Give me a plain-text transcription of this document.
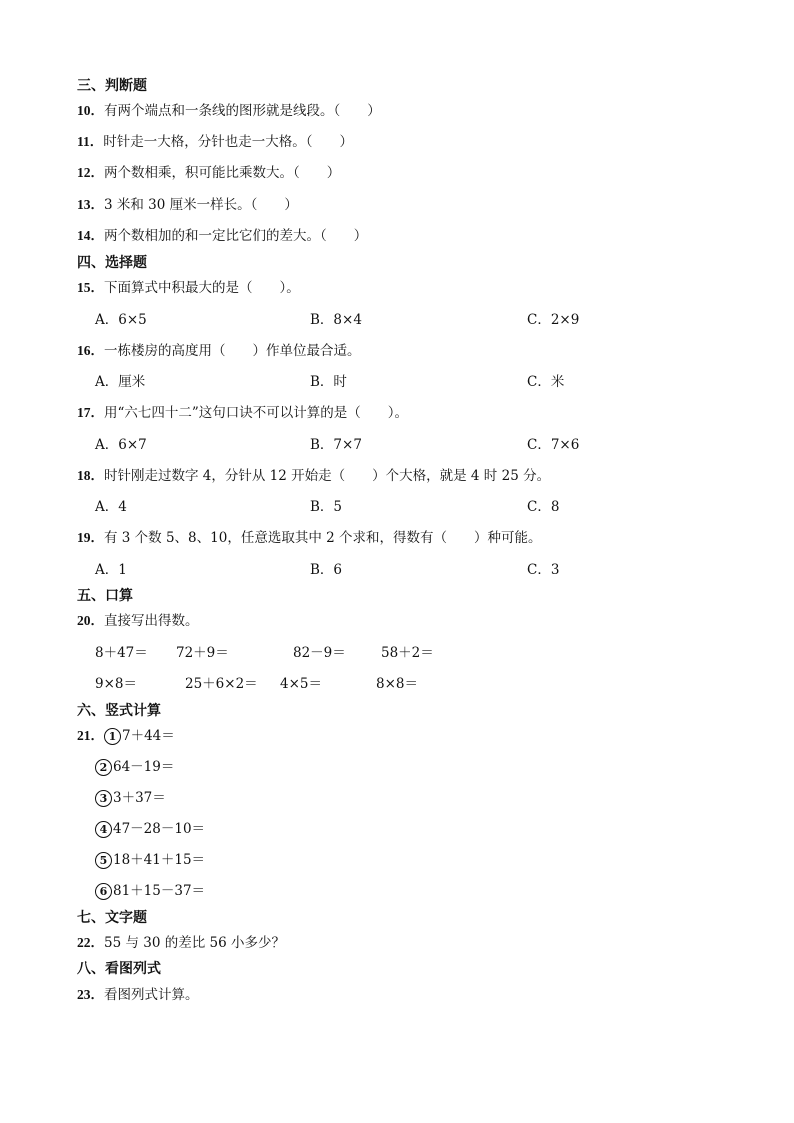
三、判断题
10．有两个端点和一条线的图形就是线段。（　　）
11．时针走一大格，分针也走一大格。（　　）
12．两个数相乘，积可能比乘数大。（　　）
13．3 米和 30 厘米一样长。（　　）
14．两个数相加的和一定比它们的差大。（　　）
四、选择题
15．下面算式中积最大的是（　　）。
A．6×5	B．8×4	C．2×9
16．一栋楼房的高度用（　　）作单位最合适。
A．厘米	B．时	C．米
17．用“六七四十二”这句口诀不可以计算的是（　　）。
A．6×7	B．7×7	C．7×6
18．时针刚走过数字 4，分针从 12 开始走（　　）个大格，就是 4 时 25 分。
A．4	B．5	C．8
19．有 3 个数 5、8、10，任意选取其中 2 个求和，得数有（　　）种可能。
A．1	B．6	C．3
五、口算
20．直接写出得数。
8＋47＝ 72＋9＝	82－9＝	58＋2＝
9×8＝	25＋6×2＝ 4×5＝	8×8＝
六、竖式计算
21． 1 7＋44＝
2 64－19＝
3 3＋37＝
4 47－28－10＝
5 18＋41＋15＝
6 81＋15－37＝
七、文字题
22．55 与 30 的差比 56 小多少？
八、看图列式
23．看图列式计算。
